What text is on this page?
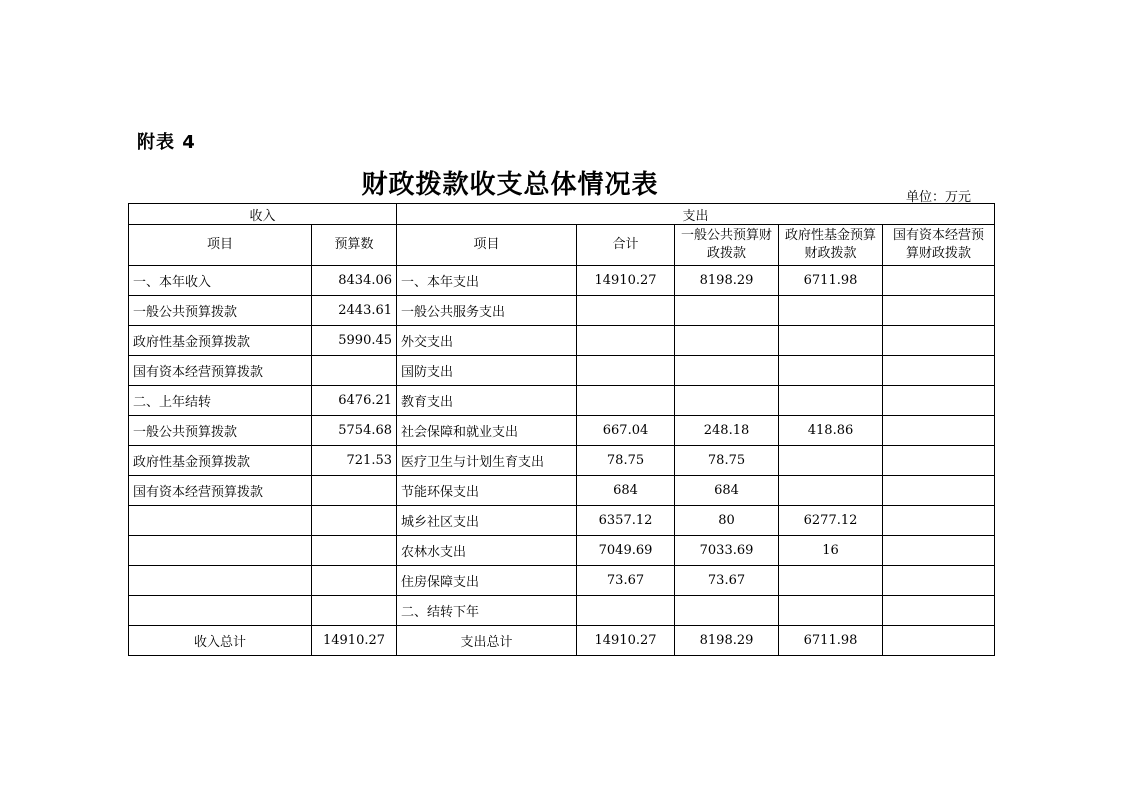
附表 4
财政拨款收支总体情况表	单位：万元
收入		支出				
项目	预算数	项目	合计	一般公共预算财政拨款	政府性基金预算财政拨款	国有资本经营预算财政拨款
一、本年收入	8434.06	一、本年支出	14910.27	8198.29	6711.98	
一般公共预算拨款	2443.61	一般公共服务支出				
政府性基金预算拨款	5990.45	外交支出				
国有资本经营预算拨款		国防支出				
二、上年结转	6476.21	教育支出				
一般公共预算拨款	5754.68	社会保障和就业支出	667.04	248.18	418.86	
政府性基金预算拨款	721.53	医疗卫生与计划生育支出	78.75	78.75		
国有资本经营预算拨款		节能环保支出	684	684		
		城乡社区支出	6357.12	80	6277.12	
		农林水支出	7049.69	7033.69	16	
		住房保障支出	73.67	73.67		
		二、结转下年				
收入总计	14910.27	支出总计	14910.27	8198.29	6711.98	
